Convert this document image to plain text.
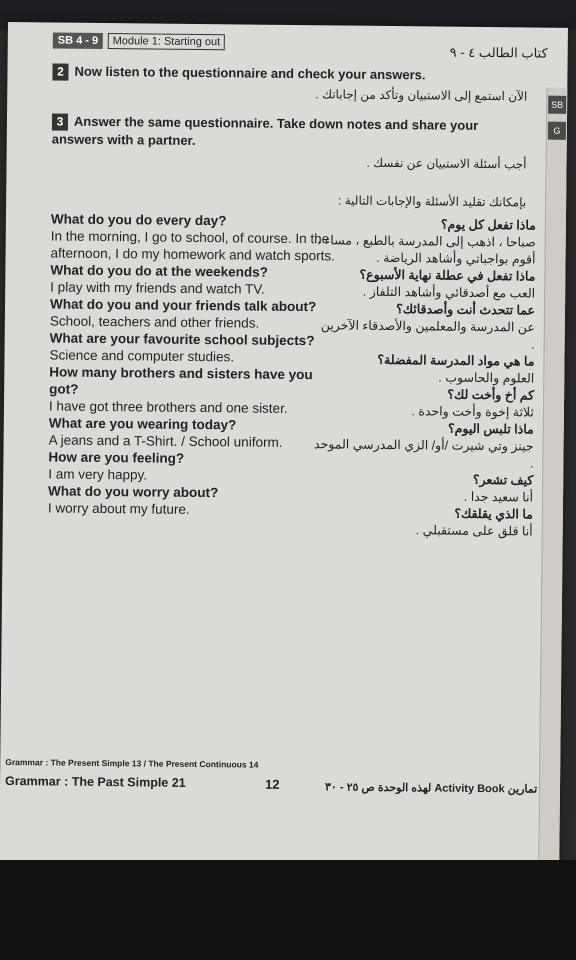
SB 4 - 9 Module 1: Starting out
كتاب الطالب ٤ - ٩
SB
G
2 Now listen to the questionnaire and check your answers.
الآن استمع إلى الاستبيان وتأكد من إجاباتك .
3 Answer the same questionnaire. Take down notes and share your answers with a partner.
أجب أسئلة الاستبيان عن نفسك .
بإمكانك تقليد الأسئلة والإجابات التالية :
What do you do every day?
In the morning, I go to school, of course. In the afternoon, I do my homework and watch sports.
What do you do at the weekends?
I play with my friends and watch TV.
What do you and your friends talk about?
School, teachers and other friends.
What are your favourite school subjects?
Science and computer studies.
How many brothers and sisters have you got?
I have got three brothers and one sister.
What are you wearing today?
A jeans and a T-Shirt. / School uniform.
How are you feeling?
I am very happy.
What do you worry about?
I worry about my future.
ماذا تفعل كل يوم؟
صباحا ، اذهب إلى المدرسة بالطبع ، مساء ، أقوم بواجباتي وأشاهد الرياضة .
ماذا تفعل في عطلة نهاية الأسبوع؟
العب مع أصدقائي وأشاهد التلفاز .
عما تتحدث أنت وأصدقائك؟
عن المدرسة والمعلمين والأصدقاء الآخرين .
ما هي مواد المدرسة المفضلة؟
العلوم والحاسوب .
كم أخ وأخت لك؟
ثلاثة إخوة وأخت واحدة .
ماذا تلبس اليوم؟
جينز وتي شيرت /أو/ الزي المدرسي الموحد .
كيف تشعر؟
أنا سعيد جدا .
ما الذي يقلقك؟
أنا قلق على مستقبلي .
Grammar : The Present Simple 13 / The Present Continuous 14
Grammar : The Past Simple 21	12	تمارين Activity Book لهذه الوحدة ص ٢٥ - ٣٠
